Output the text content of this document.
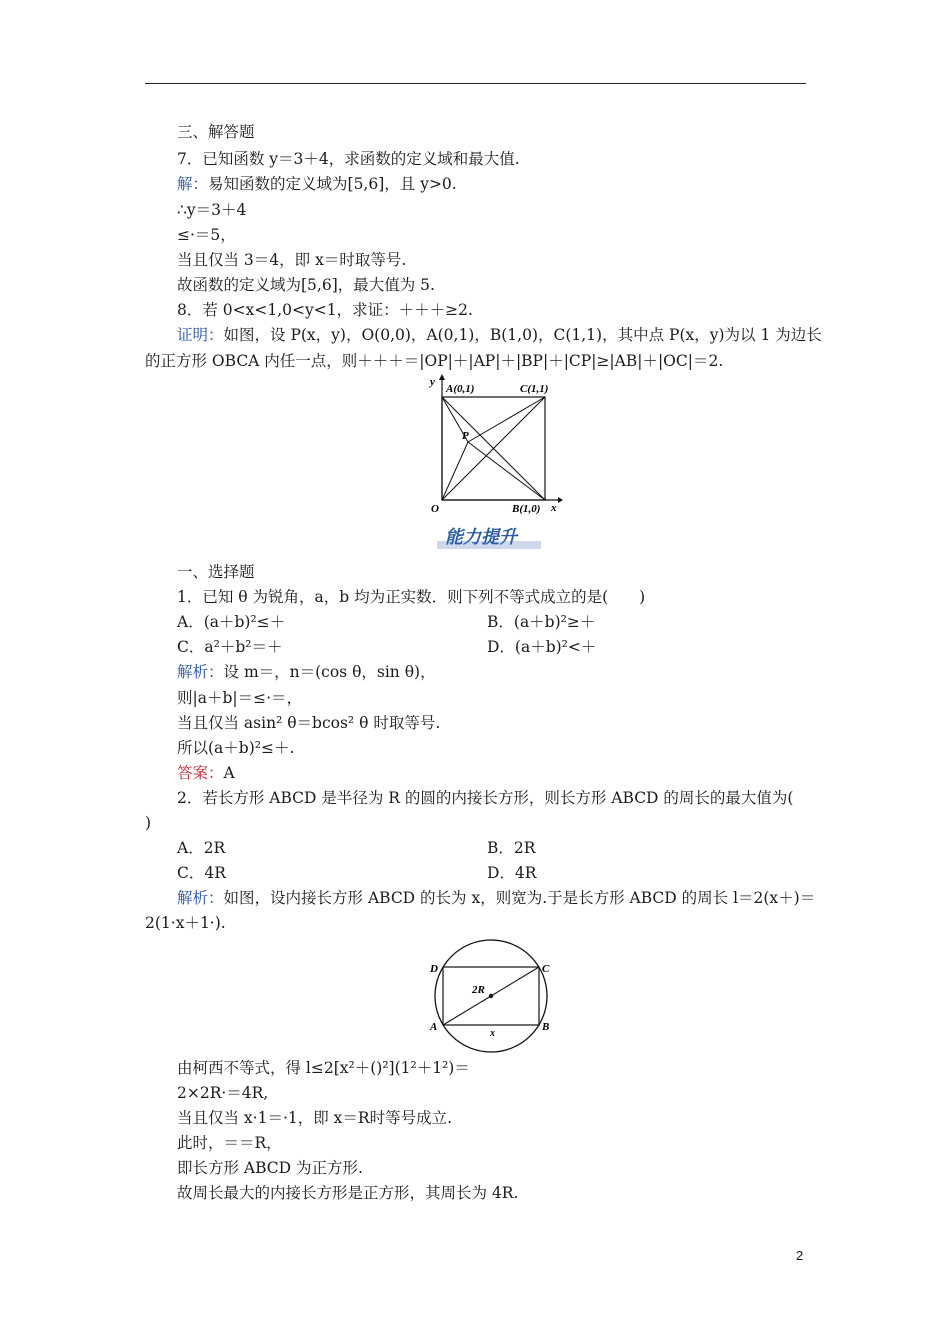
三、解答题
7．已知函数 y＝3＋4，求函数的定义域和最大值.
解：易知函数的定义域为[5,6]，且 y>0.
∴y＝3＋4
≤·＝5，
当且仅当 3＝4，即 x＝时取等号.
故函数的定义域为[5,6]，最大值为 5.
8．若 0<x<1,0<y<1，求证：＋＋＋≥2.
证明：如图，设 P(x，y)，O(0,0)，A(0,1)，B(1,0)，C(1,1)，其中点 P(x，y)为以 1 为边长
的正方形 OBCA 内任一点，则＋＋＋＝|OP|＋|AP|＋|BP|＋|CP|≥|AB|＋|OC|＝2.
y
A(0,1)	C(1,1)
P
O	B(1,0) x
能力提升
一、选择题
1．已知 θ 为锐角，a，b 均为正实数．则下列不等式成立的是(　　)
A．(a＋b)²≤＋	B．(a＋b)²≥＋
C．a²＋b²＝＋	D．(a＋b)²<＋
解析：设 m＝，n＝(cos θ，sin θ)，
则|a＋b|＝≤·＝，
当且仅当 asin² θ＝bcos² θ 时取等号.
所以(a＋b)²≤＋.
答案：A
2．若长方形 ABCD 是半径为 R 的圆的内接长方形，则长方形 ABCD 的周长的最大值为(
)
A．2R	B．2R
C．4R	D．4R
解析：如图，设内接长方形 ABCD 的长为 x，则宽为.于是长方形 ABCD 的周长 l＝2(x＋)＝
2(1·x＋1·).
D	C
A	B
2R
x
由柯西不等式，得 l≤2[x²＋()²](1²＋1²)＝
2×2R·＝4R,
当且仅当 x·1＝·1，即 x＝R时等号成立.
此时，＝＝R，
即长方形 ABCD 为正方形.
故周长最大的内接长方形是正方形，其周长为 4R.
2
